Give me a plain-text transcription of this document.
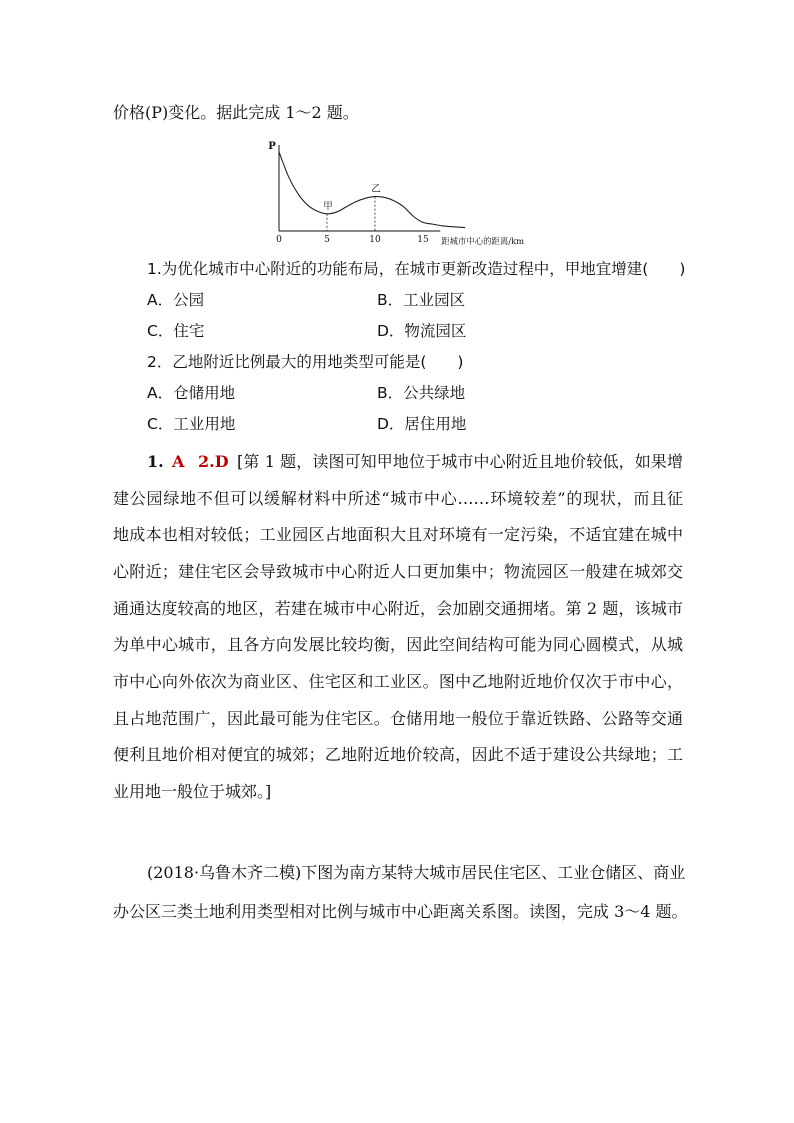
价格(P)变化。据此完成 1～2 题。
P
0	5	10	15 距城市中心的距离/km
甲
乙
1.为优化城市中心附近的功能布局，在城市更新改造过程中，甲地宜增建(　　)
A．公园	B．工业园区
C．住宅	D．物流园区
2．乙地附近比例最大的用地类型可能是(　　)
A．仓储用地	B．公共绿地
C．工业用地	D．居住用地
1. A 2.D [第 1 题，读图可知甲地位于城市中心附近且地价较低，如果增
建公园绿地不但可以缓解材料中所述“城市中心……环境较差”的现状，而且征
地成本也相对较低；工业园区占地面积大且对环境有一定污染，不适宜建在城中
心附近；建住宅区会导致城市中心附近人口更加集中；物流园区一般建在城郊交
通通达度较高的地区，若建在城市中心附近，会加剧交通拥堵。第 2 题，该城市
为单中心城市，且各方向发展比较均衡，因此空间结构可能为同心圆模式，从城
市中心向外依次为商业区、住宅区和工业区。图中乙地附近地价仅次于市中心，
且占地范围广，因此最可能为住宅区。仓储用地一般位于靠近铁路、公路等交通
便利且地价相对便宜的城郊；乙地附近地价较高，因此不适于建设公共绿地；工
业用地一般位于城郊。]
(2018·乌鲁木齐二模)下图为南方某特大城市居民住宅区、工业仓储区、商业
办公区三类土地利用类型相对比例与城市中心距离关系图。读图，完成 3～4 题。
